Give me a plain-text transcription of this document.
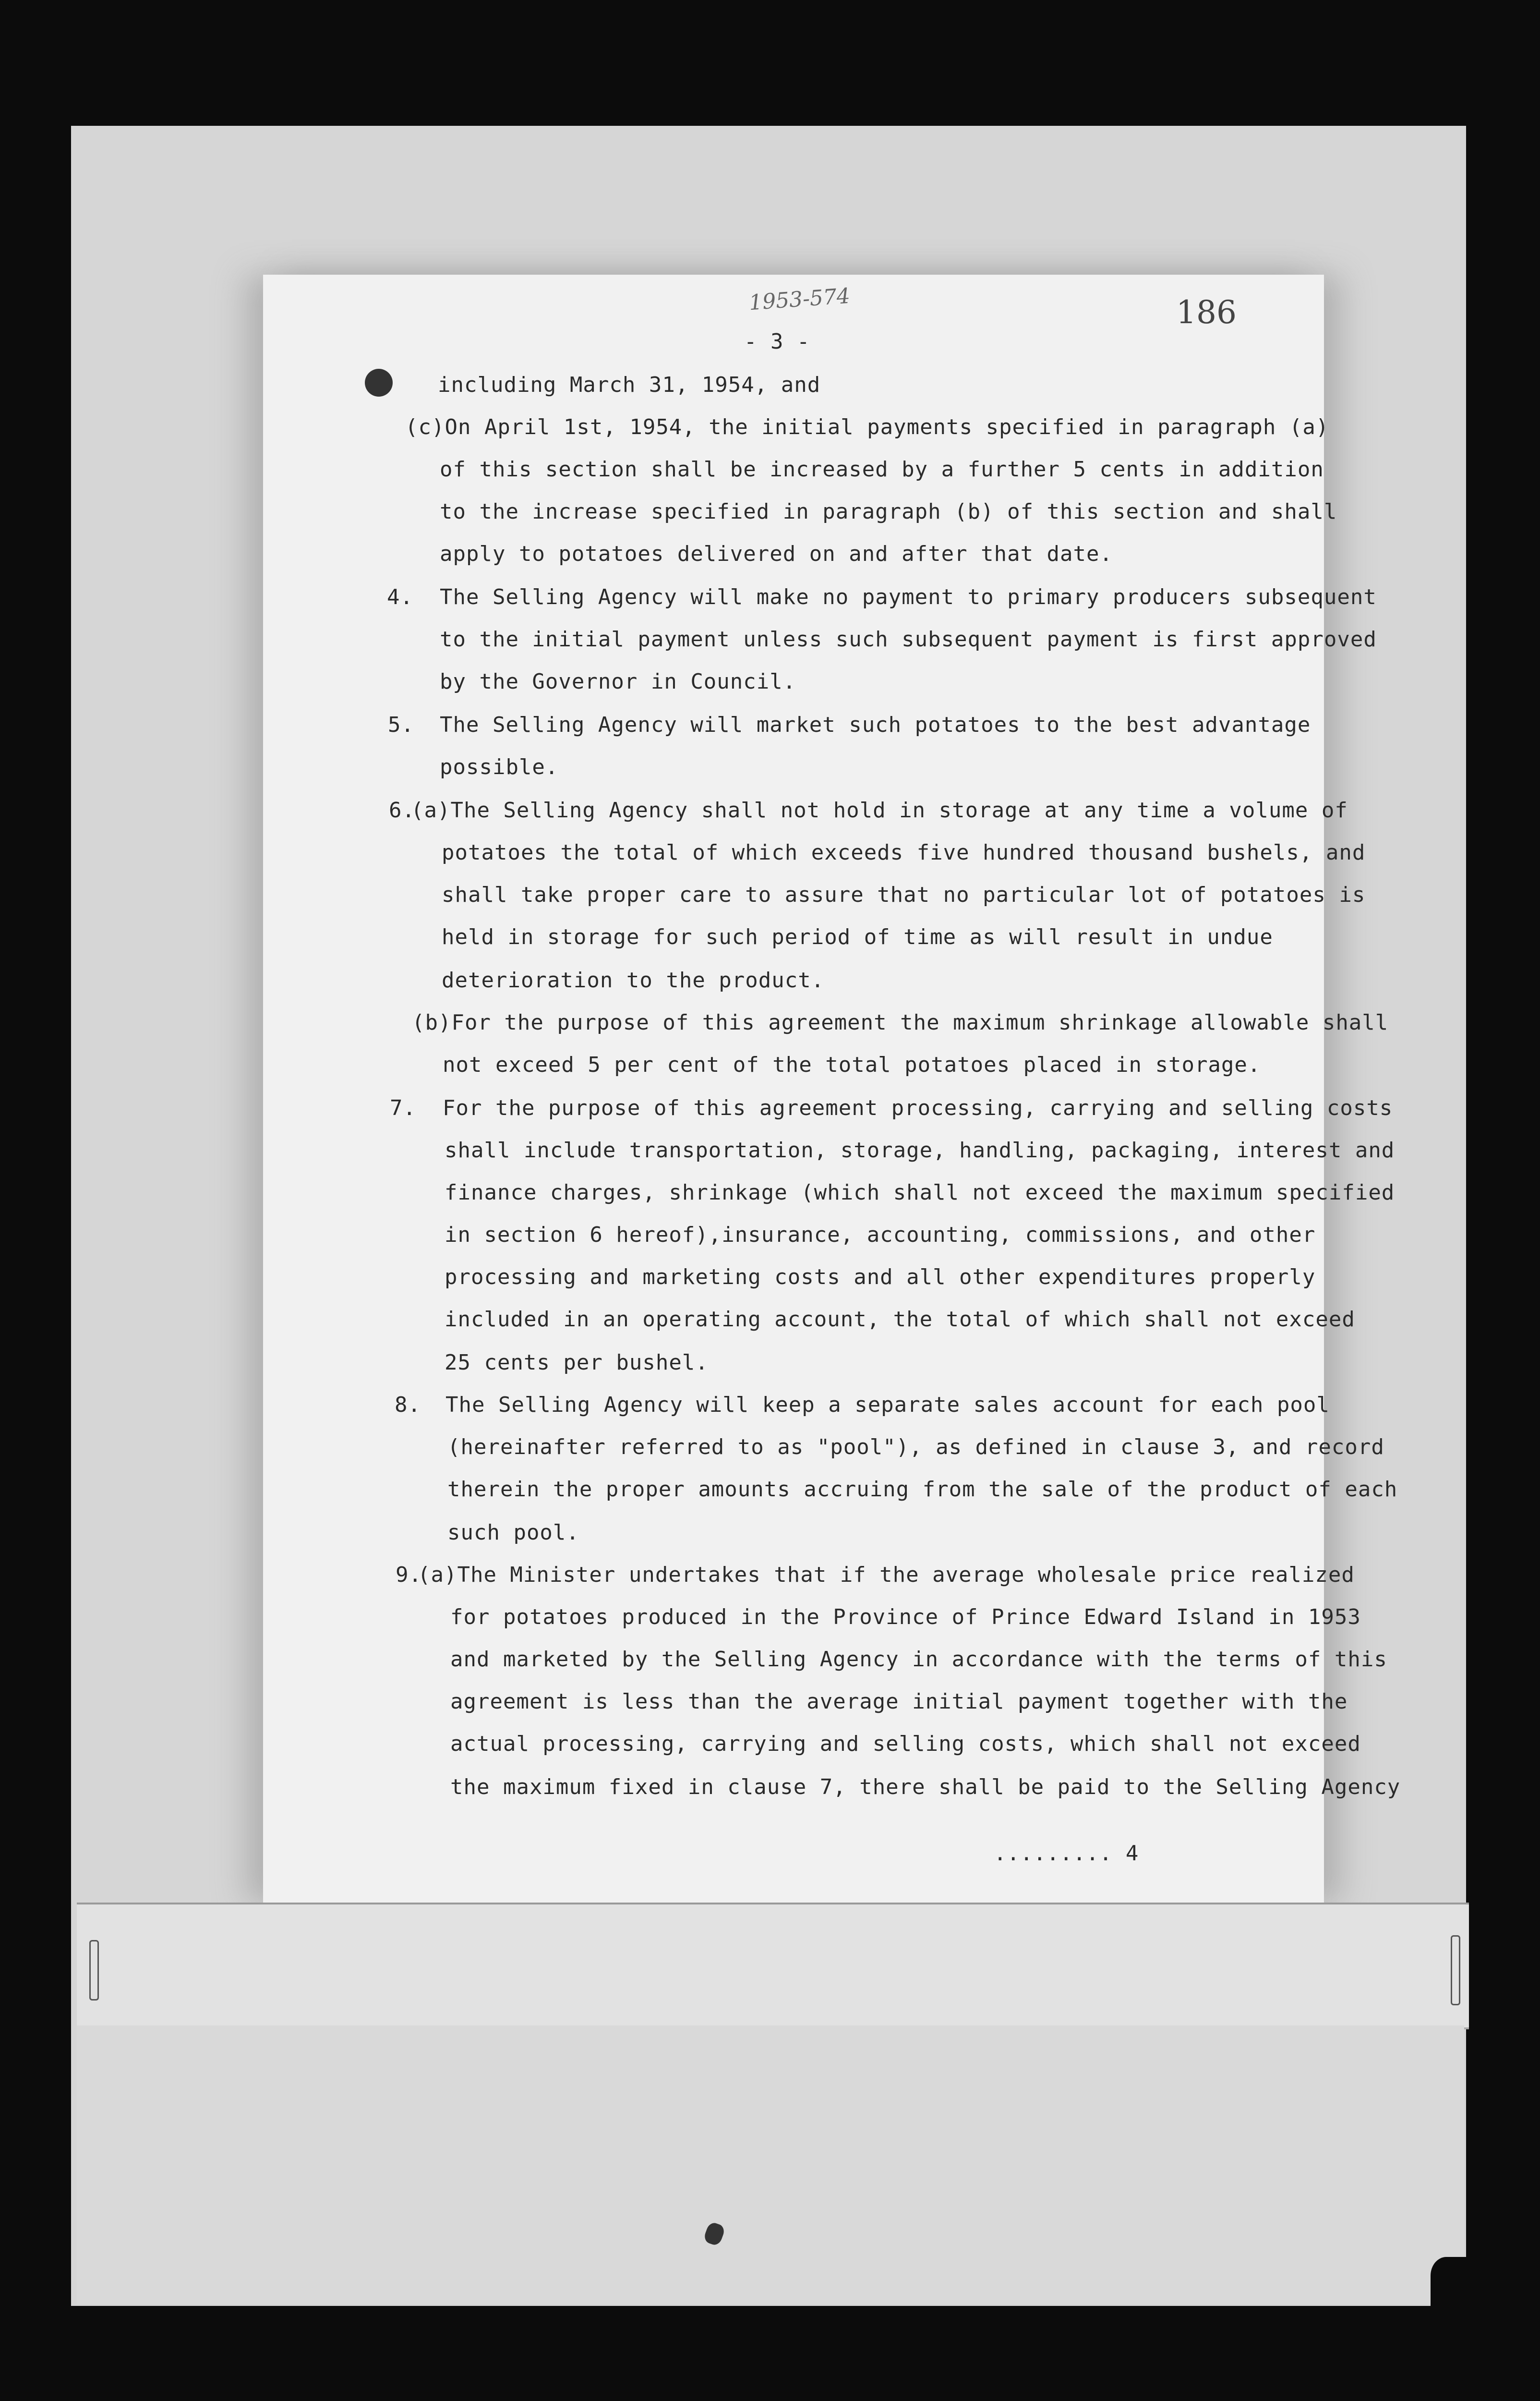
1953-574	186
- 3 -
including March 31, 1954, and
(c)On April 1st, 1954, the initial payments specified in paragraph (a)
of this section shall be increased by a further 5 cents in addition
to the increase specified in paragraph (b) of this section and shall
apply to potatoes delivered on and after that date.
4. The Selling Agency will make no payment to primary producers subsequent
to the initial payment unless such subsequent payment is first approved
by the Governor in Council.
5. The Selling Agency will market such potatoes to the best advantage
possible.
6.
(a)The Selling Agency shall not hold in storage at any time a volume of
potatoes the total of which exceeds five hundred thousand bushels, and
shall take proper care to assure that no particular lot of potatoes is
held in storage for such period of time as will result in undue
deterioration to the product.
(b)For the purpose of this agreement the maximum shrinkage allowable shall
not exceed 5 per cent of the total potatoes placed in storage.
7. For the purpose of this agreement processing, carrying and selling costs
shall include transportation, storage, handling, packaging, interest and
finance charges, shrinkage (which shall not exceed the maximum specified
in section 6 hereof),insurance, accounting, commissions, and other
processing and marketing costs and all other expenditures properly
included in an operating account, the total of which shall not exceed
25 cents per bushel.
8. The Selling Agency will keep a separate sales account for each pool
(hereinafter referred to as "pool"), as defined in clause 3, and record
therein the proper amounts accruing from the sale of the product of each
such pool.
9.
(a)The Minister undertakes that if the average wholesale price realized
for potatoes produced in the Province of Prince Edward Island in 1953
and marketed by the Selling Agency in accordance with the terms of this
agreement is less than the average initial payment together with the
actual processing, carrying and selling costs, which shall not exceed
the maximum fixed in clause 7, there shall be paid to the Selling Agency
......... 4
